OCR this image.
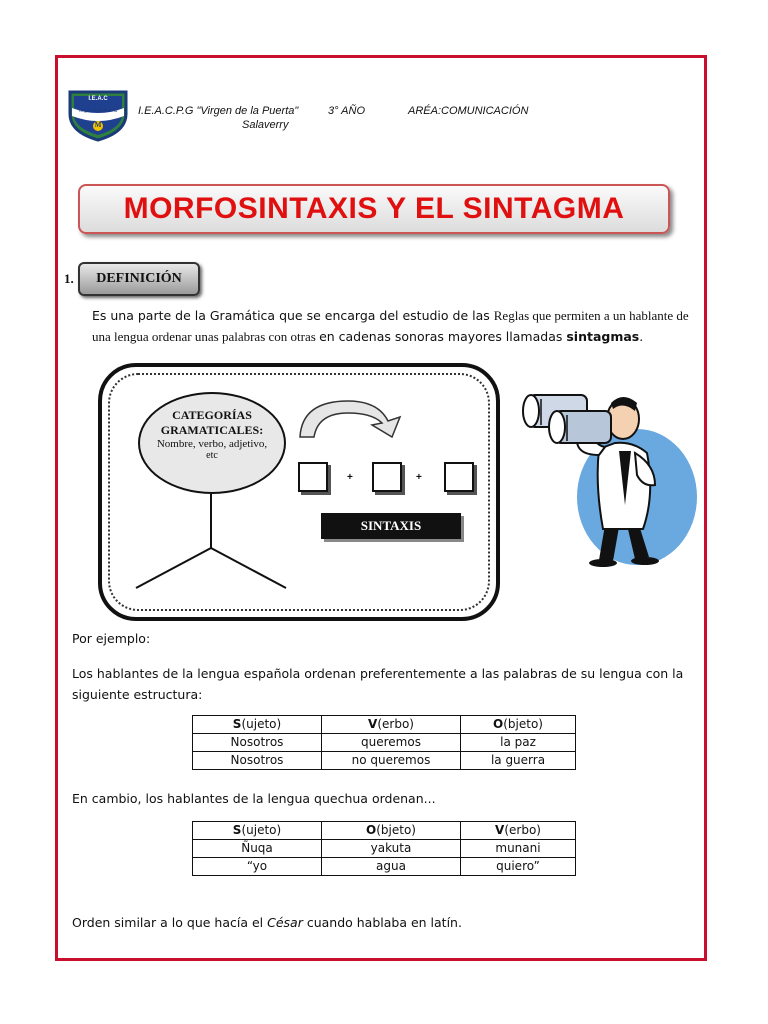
I.E.A.C
Virgen de la Puerta
M
I.E.A.C.P.G "Virgen de la Puerta"
Salaverry
3° AÑO	ARÉA:COMUNICACIÓN
MORFOSINTAXIS Y EL SINTAGMA
1.	DEFINICIÓN
Es una parte de la Gramática que se encarga del estudio de las Reglas que permiten a un hablante de una lengua ordenar unas palabras con otras en cadenas sonoras mayores llamadas sintagmas.
CATEGORÍAS
GRAMATICALES:
Nombre, verbo, adjetivo,
etc
+	+
SINTAXIS
Por ejemplo:
Los hablantes de la lengua española ordenan preferentemente a las palabras de su lengua con la siguiente estructura:
S(ujeto)	V(erbo)	O(bjeto)
Nosotros	queremos	la paz
Nosotros	no queremos	la guerra
En cambio, los hablantes de la lengua quechua ordenan...
S(ujeto)	O(bjeto)	V(erbo)
Ñuqa	yakuta	munani
“yo	agua	quiero”
Orden similar a lo que hacía el César cuando hablaba en latín.
